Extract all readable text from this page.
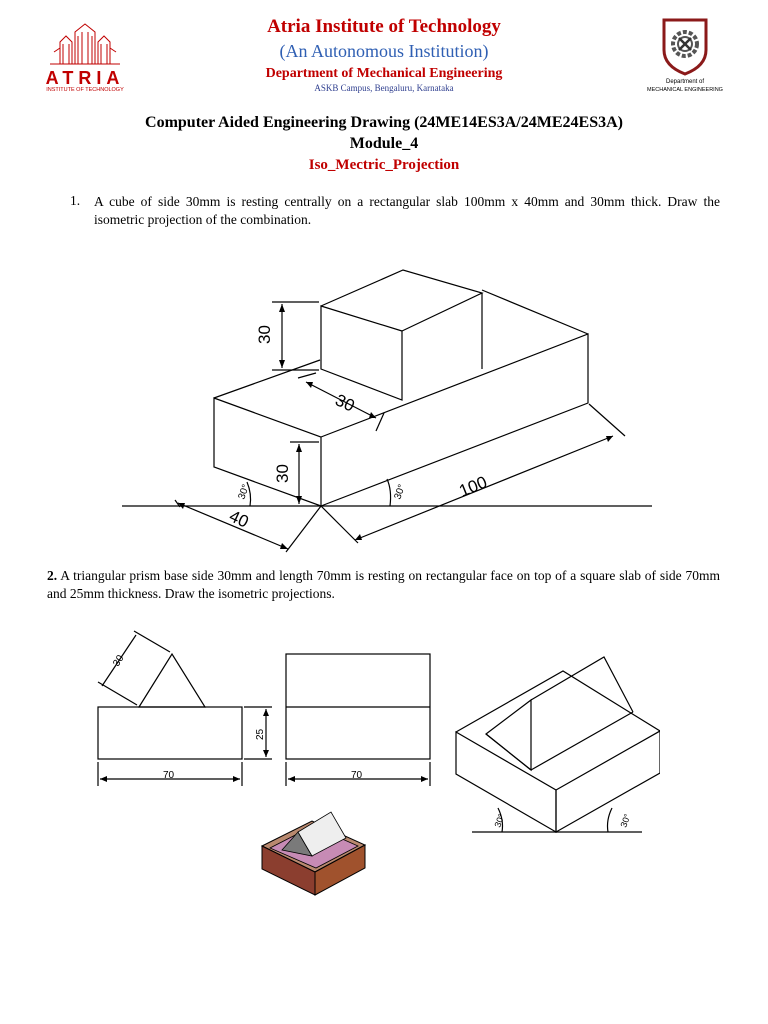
ATRIA
INSTITUTE OF TECHNOLOGY
Department of
MECHANICAL ENGINEERING
Atria Institute of Technology
(An Autonomous Institution)
Department of Mechanical Engineering
ASKB Campus, Bengaluru, Karnataka
Computer Aided Engineering Drawing (24ME14ES3A/24ME24ES3A)
Module_4
Iso_Mectric_Projection
1. A cube of side 30mm is resting centrally on a rectangular slab 100mm x 40mm and 30mm thick. Draw the isometric projection of the combination.
30
30
30	100
40
30°	30°
2. A triangular prism base side 30mm and length 70mm is resting on rectangular face on top of a square slab of side 70mm and 25mm thickness. Draw the isometric projections.
70
25
30
70
30°	30°
